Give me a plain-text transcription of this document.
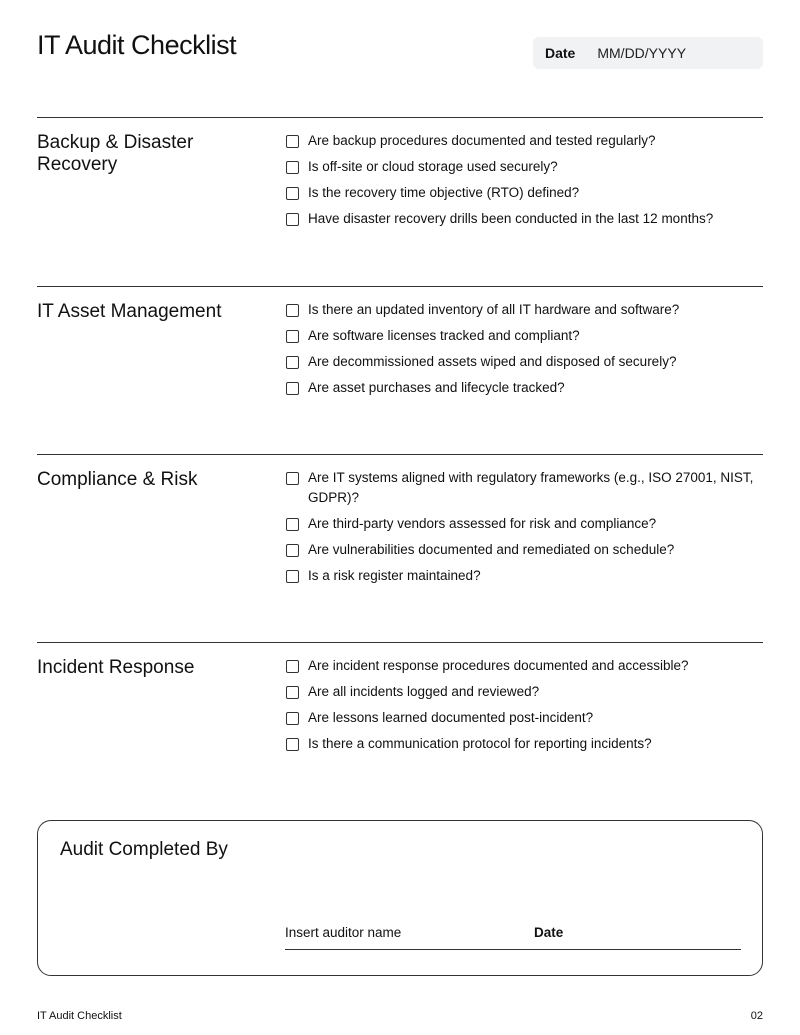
IT Audit Checklist	Date
MM/DD/YYYY
Backup & Disaster Recovery
Are backup procedures documented and tested regularly?
Is off-site or cloud storage used securely?
Is the recovery time objective (RTO) defined?
Have disaster recovery drills been conducted in the last 12 months?
IT Asset Management	Is there an updated inventory of all IT hardware and software?
Are software licenses tracked and compliant?
Are decommissioned assets wiped and disposed of securely?
Are asset purchases and lifecycle tracked?
Compliance & Risk	Are IT systems aligned with regulatory frameworks (e.g., ISO 27001, NIST, GDPR)?
Are third-party vendors assessed for risk and compliance?
Are vulnerabilities documented and remediated on schedule?
Is a risk register maintained?
Incident Response	Are incident response procedures documented and accessible?
Are all incidents logged and reviewed?
Are lessons learned documented post-incident?
Is there a communication protocol for reporting incidents?
Audit Completed By
Insert auditor name	Date
IT Audit Checklist	02
